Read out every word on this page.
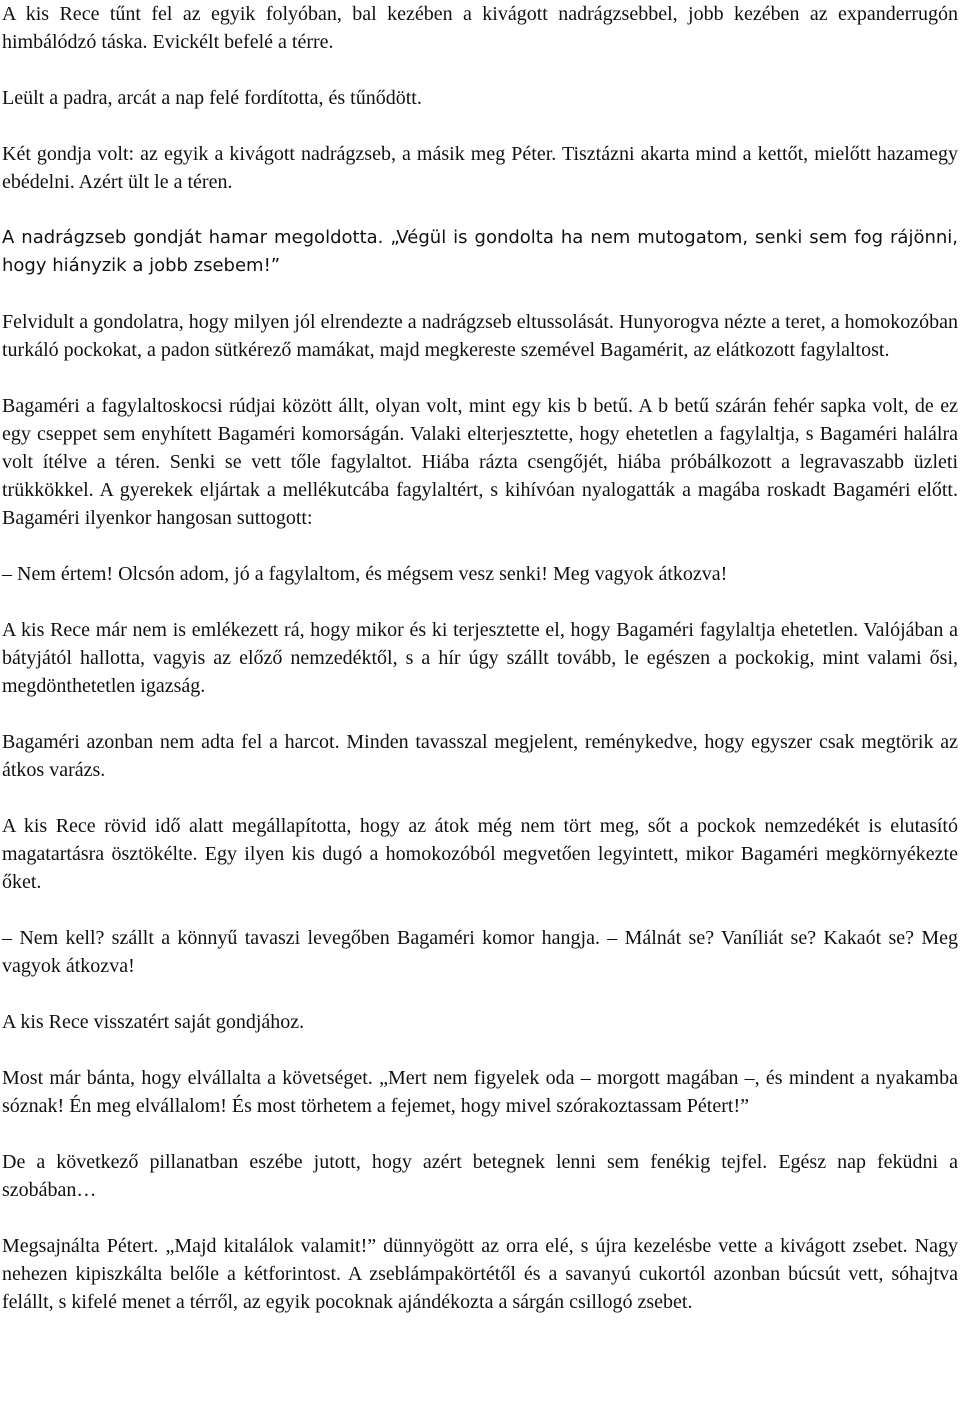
A kis Rece tűnt fel az egyik folyóban, bal kezében a kivágott nadrágzsebbel, jobb kezében az expanderrugón himbálódzó táska. Evickélt befelé a térre.

Leült a padra, arcát a nap felé fordította, és tűnődött.

Két gondja volt: az egyik a kivágott nadrágzseb, a másik meg Péter. Tisztázni akarta mind a kettőt, mielőtt hazamegy ebédelni. Azért ült le a téren.

A nadrágzseb gondját hamar megoldotta. „Végül is gondolta ha nem mutogatom, senki sem fog rájönni, hogy hiányzik a jobb zsebem!”

Felvidult a gondolatra, hogy milyen jól elrendezte a nadrágzseb eltussolását. Hunyorogva nézte a teret, a homokozóban turkáló pockokat, a padon sütkérező mamákat, majd megkereste szemével Bagamérit, az elátkozott fagylaltost.

Bagaméri a fagylaltoskocsi rúdjai között állt, olyan volt, mint egy kis b betű. A b betű szárán fehér sapka volt, de ez egy cseppet sem enyhített Bagaméri komorságán. Valaki elterjesztette, hogy ehetetlen a fagylaltja, s Bagaméri halálra volt ítélve a téren. Senki se vett tőle fagylaltot. Hiába rázta csengőjét, hiába próbálkozott a legravaszabb üzleti trükkökkel. A gyerekek eljártak a mellékutcába fagylaltért, s kihívóan nyalogatták a magába roskadt Bagaméri előtt. Bagaméri ilyenkor hangosan suttogott:

– Nem értem! Olcsón adom, jó a fagylaltom, és mégsem vesz senki! Meg vagyok átkozva!

A kis Rece már nem is emlékezett rá, hogy mikor és ki terjesztette el, hogy Bagaméri fagylaltja ehetetlen. Valójában a bátyjától hallotta, vagyis az előző nemzedéktől, s a hír úgy szállt tovább, le egészen a pockokig, mint valami ősi, megdönthetetlen igazság.

Bagaméri azonban nem adta fel a harcot. Minden tavasszal megjelent, reménykedve, hogy egyszer csak megtörik az átkos varázs.

A kis Rece rövid idő alatt megállapította, hogy az átok még nem tört meg, sőt a pockok nemzedékét is elutasító magatartásra ösztökélte. Egy ilyen kis dugó a homokozóból megvetően legyintett, mikor Bagaméri megkörnyékezte őket.

– Nem kell? szállt a könnyű tavaszi levegőben Bagaméri komor hangja. – Málnát se? Vaníliát se? Kakaót se? Meg vagyok átkozva!

A kis Rece visszatért saját gondjához.

Most már bánta, hogy elvállalta a követséget. „Mert nem figyelek oda – morgott magában –, és mindent a nyakamba sóznak! Én meg elvállalom! És most törhetem a fejemet, hogy mivel szórakoztassam Pétert!”

De a következő pillanatban eszébe jutott, hogy azért betegnek lenni sem fenékig tejfel. Egész nap feküdni a szobában…

Megsajnálta Pétert. „Majd kitalálok valamit!” dünnyögött az orra elé, s újra kezelésbe vette a kivágott zsebet. Nagy nehezen kipiszkálta belőle a kétforintost. A zseblámpakörtétől és a savanyú cukortól azonban búcsút vett, sóhajtva felállt, s kifelé menet a térről, az egyik pocoknak ajándékozta a sárgán csillogó zsebet.
